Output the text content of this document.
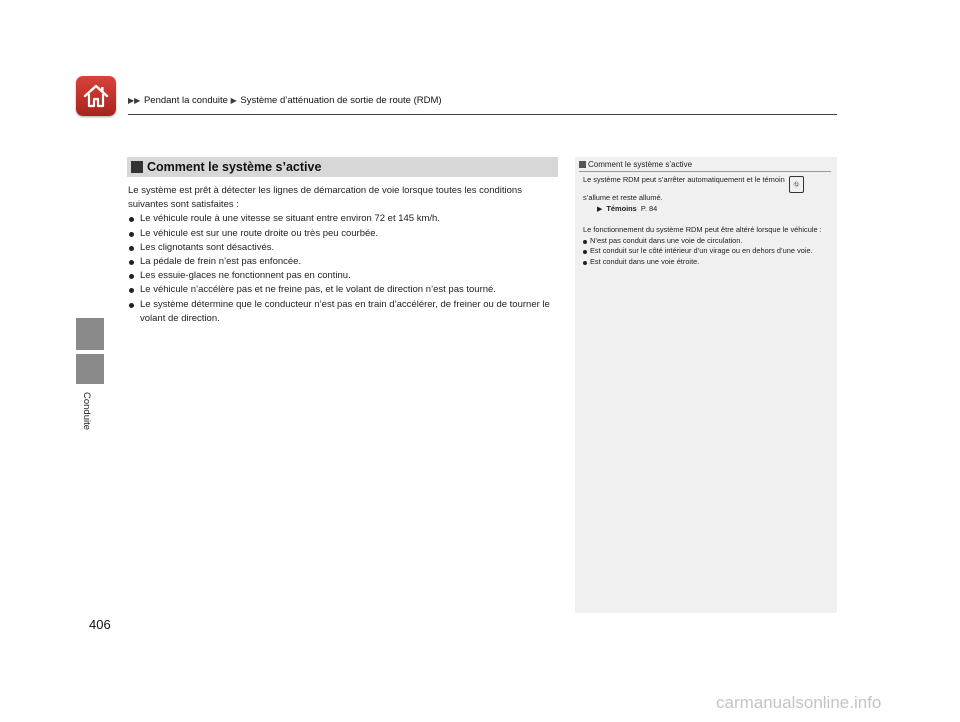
▶▶ Pendant la conduite ▶ Système d’atténuation de sortie de route (RDM)
Conduite
Comment le système s’active

Le système est prêt à détecter les lignes de démarcation de voie lorsque toutes les conditions suivantes sont satisfaites :

Le véhicule roule à une vitesse se situant entre environ 72 et 145 km/h.
Le véhicule est sur une route droite ou très peu courbée.
Les clignotants sont désactivés.
La pédale de frein n’est pas enfoncée.
Les essuie-glaces ne fonctionnent pas en continu.
Le véhicule n’accélère pas et ne freine pas, et le volant de direction n’est pas tourné.
Le système détermine que le conducteur n’est pas en train d’accélérer, de freiner ou de tourner le volant de direction.
Comment le système s’active

Le système RDM peut s’arrêter automatiquement et le témoin ⛗ s’allume et reste allumé.

▶ Témoins P. 84

Le fonctionnement du système RDM peut être altéré lorsque le véhicule :

N’est pas conduit dans une voie de circulation.
Est conduit sur le côté intérieur d’un virage ou en dehors d’une voie.
Est conduit dans une voie étroite.
406
carmanualsonline.info
